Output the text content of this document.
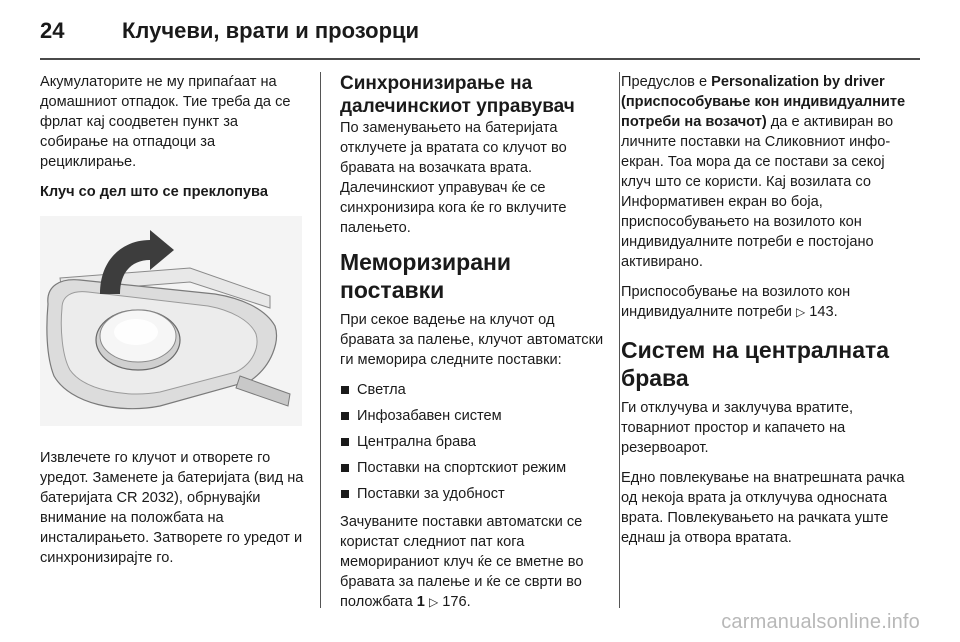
24	Клучеви, врати и прозорци

Акумулаторите не му припаѓаат на домашниот отпадок. Тие треба да се фрлат кај соодветен пункт за собирање на отпадоци за рециклирање.

Клуч со дел што се преклопува

Извлечете го клучот и отворете го уредот. Заменете ја батеријата (вид на батеријата CR 2032), обрнувајќи внимание на положбата на инсталирањето. Затворете го уредот и синхронизирајте го.

Синхронизирање на далечинскиот управувач

По заменувањето на батеријата отклучете ја вратата со клучот во бравата на возачката врата. Далечинскиот управувач ќе се синхронизира кога ќе го вклучите палењето.

Меморизирани поставки

При секое вадење на клучот од бравата за палење, клучот автоматски ги меморира следните поставки:

Светла
Инфозабавен систем
Централна брава
Поставки на спортскиот режим
Поставки за удобност

Зачуваните поставки автоматски се користат следниот пат кога меморираниот клуч ќе се вметне во бравата за палење и ќе се сврти во положбата 1 ▷ 176.

Предуслов е Personalization by driver (приспособување кон индивидуалните потреби на возачот) да е активиран во личните поставки на Сликовниот инфо-екран. Тоа мора да се постави за секој клуч што се користи. Кај возилата со Информативен екран во боја, приспособувањето на возилото кон индивидуалните потреби е постојано активирано.

Приспособување на возилото кон индивидуалните потреби ▷ 143.

Систем на централната брава

Ги отклучува и заклучува вратите, товарниот простор и капачето на резервоарот.

Едно повлекување на внатрешната рачка од некоја врата ја отклучува односната врата. Повлекувањето на рачката уште еднаш ја отвора вратата.

carmanualsonline.info
